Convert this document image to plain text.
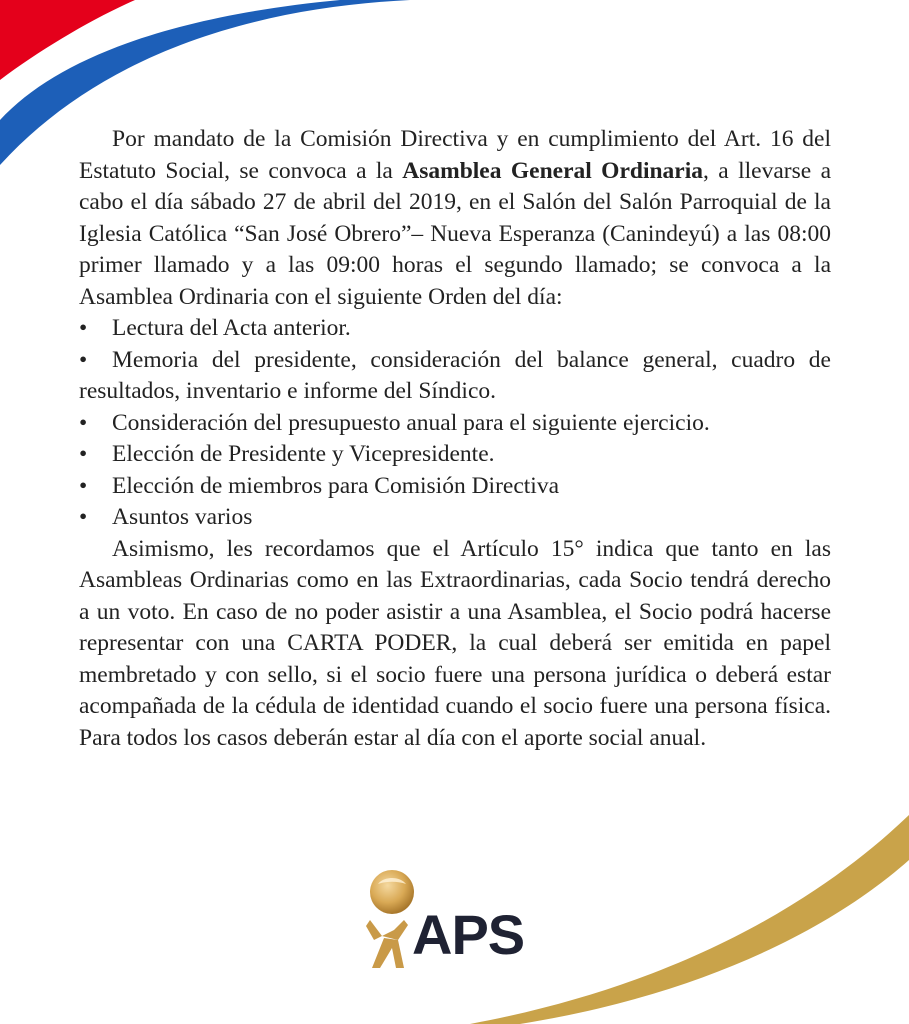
Por mandato de la Comisión Directiva y en cumplimiento del Art. 16 del Estatuto Social, se convoca a la Asamblea General Ordinaria, a llevarse a cabo el día sábado 27 de abril del 2019, en el Salón del Salón Parroquial de la Iglesia Católica “San José Obrero”– Nueva Esperanza (Canindeyú) a las 08:00 primer llamado y a las 09:00 horas el segundo llamado; se convoca a la Asamblea Ordinaria con el siguiente Orden del día:

• Lectura del Acta anterior.
• Memoria del presidente, consideración del balance general, cuadro de resultados, inventario e informe del Síndico.
• Consideración del presupuesto anual para el siguiente ejercicio.
• Elección de Presidente y Vicepresidente.
• Elección de miembros para Comisión Directiva
• Asuntos varios

Asimismo, les recordamos que el Artículo 15° indica que tanto en las Asambleas Ordinarias como en las Extraordinarias, cada Socio tendrá derecho a un voto. En caso de no poder asistir a una Asamblea, el Socio podrá hacerse representar con una CARTA PODER, la cual deberá ser emitida en papel membretado y con sello, si el socio fuere una persona jurídica o deberá estar acompañada de la cédula de identidad cuando el socio fuere una persona física. Para todos los casos deberán estar al día con el aporte social anual.

APS
